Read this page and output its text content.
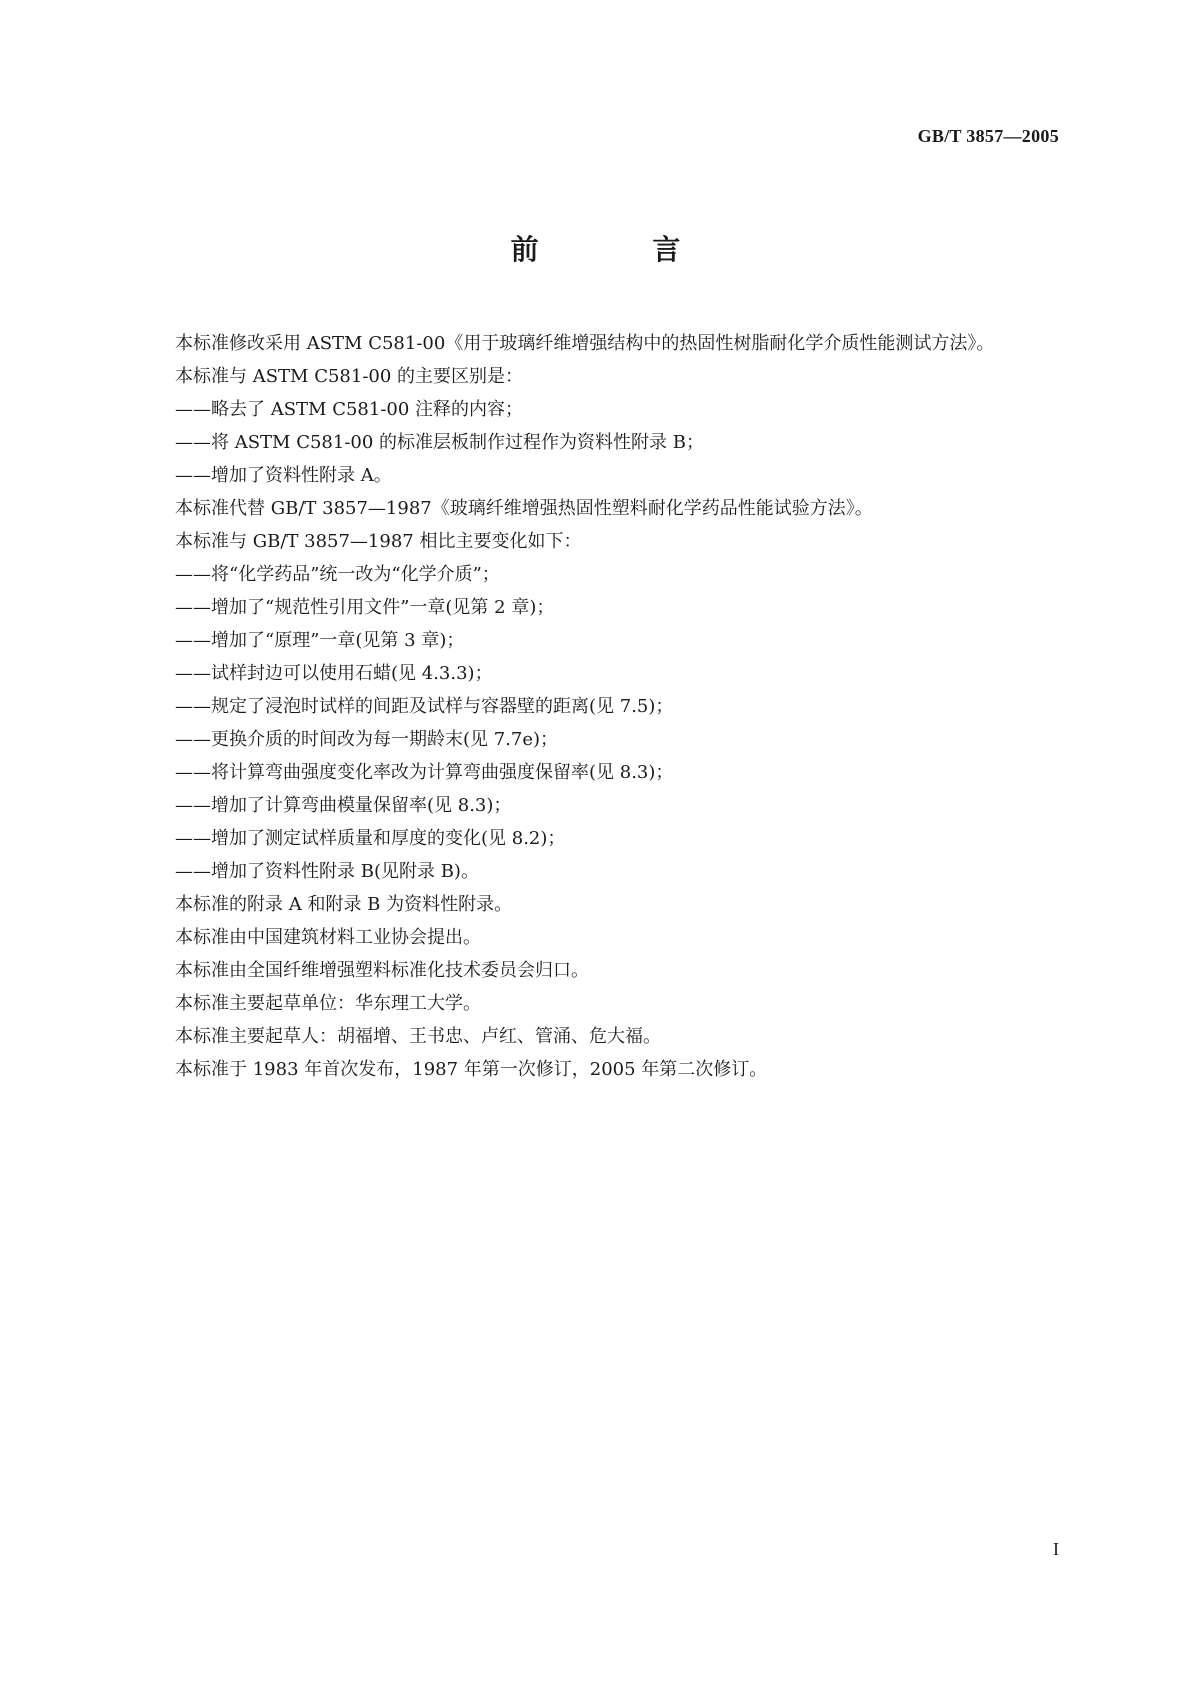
GB/T 3857—2005
前 言

本标准修改采用 ASTM C581-00《用于玻璃纤维增强结构中的热固性树脂耐化学介质性能测试方法》。

本标准与 ASTM C581-00 的主要区别是：

——略去了 ASTM C581-00 注释的内容；

——将 ASTM C581-00 的标准层板制作过程作为资料性附录 B；

——增加了资料性附录 A。

本标准代替 GB/T 3857—1987《玻璃纤维增强热固性塑料耐化学药品性能试验方法》。

本标准与 GB/T 3857—1987 相比主要变化如下：

——将“化学药品”统一改为“化学介质”；

——增加了“规范性引用文件”一章(见第 2 章)；

——增加了“原理”一章(见第 3 章)；

——试样封边可以使用石蜡(见 4.3.3)；

——规定了浸泡时试样的间距及试样与容器壁的距离(见 7.5)；

——更换介质的时间改为每一期龄末(见 7.7e)；

——将计算弯曲强度变化率改为计算弯曲强度保留率(见 8.3)；

——增加了计算弯曲模量保留率(见 8.3)；

——增加了测定试样质量和厚度的变化(见 8.2)；

——增加了资料性附录 B(见附录 B)。

本标准的附录 A 和附录 B 为资料性附录。

本标准由中国建筑材料工业协会提出。

本标准由全国纤维增强塑料标准化技术委员会归口。

本标准主要起草单位：华东理工大学。

本标准主要起草人：胡福增、王书忠、卢红、管涌、危大福。

本标准于 1983 年首次发布，1987 年第一次修订，2005 年第二次修订。

I
